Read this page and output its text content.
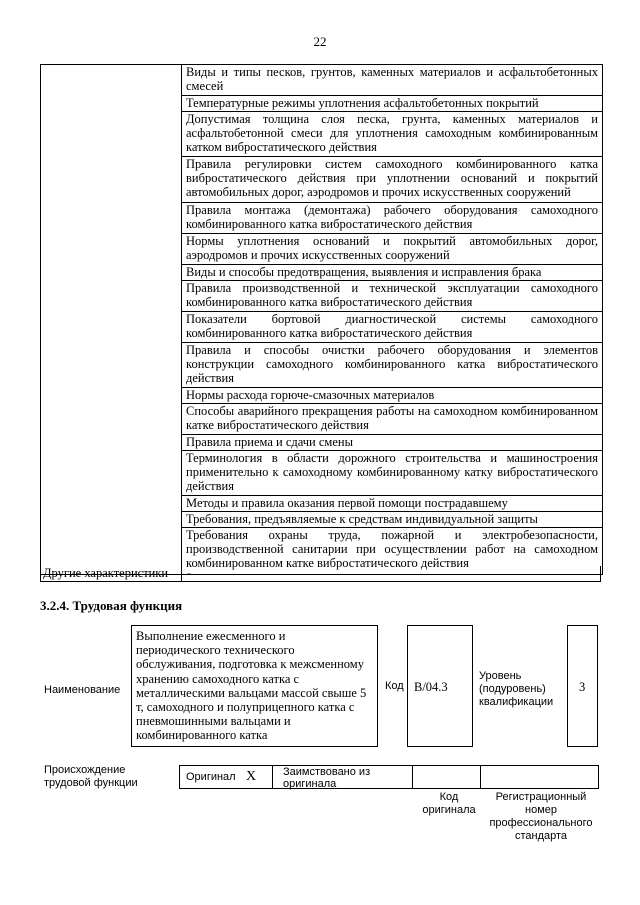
22
Виды и типы песков, грунтов, каменных материалов и асфальтобетонных смесей
Температурные режимы уплотнения асфальтобетонных покрытий
Допустимая толщина слоя песка, грунта, каменных материалов и асфальтобетонной смеси для уплотнения самоходным комбинированным катком вибростатического действия
Правила регулировки систем самоходного комбинированного катка вибростатического действия при уплотнении оснований и покрытий автомобильных дорог, аэродромов и прочих искусственных сооружений
Правила монтажа (демонтажа) рабочего оборудования самоходного комбинированного катка вибростатического действия
Нормы уплотнения оснований и покрытий автомобильных дорог, аэродромов и прочих искусственных сооружений
Виды и способы предотвращения, выявления и исправления брака
Правила производственной и технической эксплуатации самоходного комбинированного катка вибростатического действия
Показатели бортовой диагностической системы самоходного комбинированного катка вибростатического действия
Правила и способы очистки рабочего оборудования и элементов конструкции самоходного комбинированного катка вибростатического действия
Нормы расхода горюче-смазочных материалов
Способы аварийного прекращения работы на самоходном комбинированном катке вибростатического действия
Правила приема и сдачи смены
Терминология в области дорожного строительства и машиностроения применительно к самоходному комбинированному катку вибростатического действия
Методы и правила оказания первой помощи пострадавшему
Требования, предъявляемые к средствам индивидуальной защиты
Требования охраны труда, пожарной и электробезопасности, производственной санитарии при осуществлении работ на самоходном комбинированном катке вибростатического действия
Другие характеристики	-
3.2.4. Трудовая функция
Наименование
Выполнение ежесменного и периодического технического обслуживания, подготовка к межсменному хранению самоходного катка с металлическими вальцами массой свыше 5 т, самоходного и полуприцепного катка с пневмошинными вальцами и комбинированного катка
Код B/04.3
Уровень (подуровень) квалификации
3
Происхождение трудовой функции	Оригинал X Заимствовано из оригинала
Код оригинала
Регистрационный номер профессионального стандарта
